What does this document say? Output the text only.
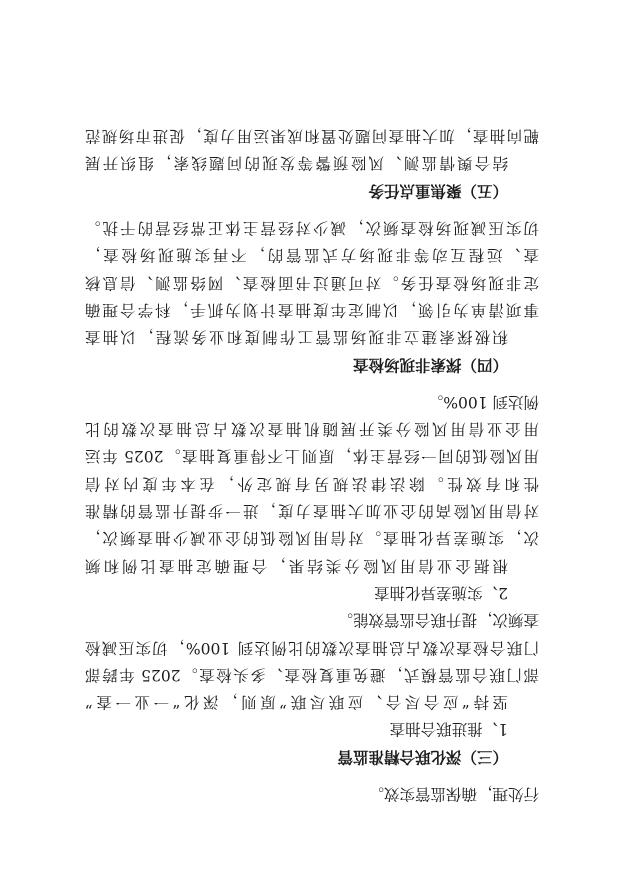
行处理，确保监管实效。
（三）深化联合精准监管
1、推进联合抽查
坚持“应合尽合、应联尽联”原则，深化“一业一查”
部门联合监管模式，避免重复检查、多头检查。2025 年跨部
门联合检查次数占总抽查次数的比例达到 100%，切实压减检
查频次，提升联合监管效能。
2、实施差异化抽查
根据企业信用风险分类结果，合理确定抽查比例和频
次，实施差异化抽查。对信用风险低的企业减少抽查频次，
对信用风险高的企业加大抽查力度，进一步提升监管的精准
性和有效性。除法律法规另有规定外，在本年度内对信
用风险低的同一经营主体，原则上不得重复抽查。2025 年运
用企业信用风险分类开展随机抽查次数占总抽查次数的比
例达到 100%。
（四）探索非现场检查
积极探索建立非现场监管工作制度和业务流程，以抽查
事项清单为引领，以制定年度抽查计划为抓手，科学合理确
定非现场检查任务。对可通过书面检查、网络监测、信息核
查、远程互动等非现场方式监管的，不再实施现场检查，
切实压减现场检查频次，减少对经营主体正常经营的干扰。
（五）聚焦重点任务
结合舆情监测、风险预警等发现的问题线索，组织开展
靶向抽查，加大抽查问题处置和成果运用力度，促进市场规范
